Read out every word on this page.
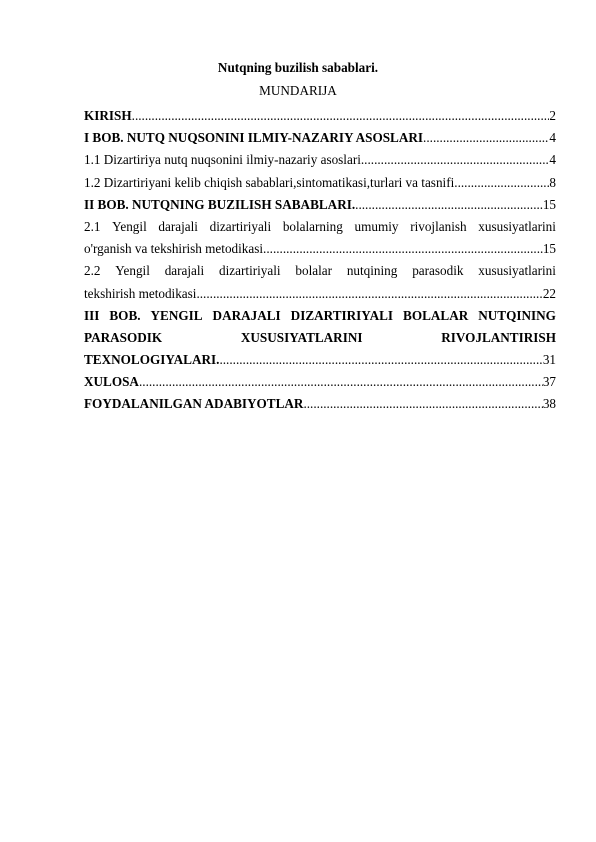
Nutqning buzilish sabablari.
MUNDARIJA
KIRISH .....	2
I BOB. NUTQ NUQSONINI ILMIY-NAZARIY ASOSLARI .....	4
1.1 Dizartiriya nutq nuqsonini ilmiy-nazariy asoslari .....	4
1.2 Dizartiriyani kelib chiqish sabablari,sintomatikasi,turlari va tasnifi .....	8
II BOB. NUTQNING BUZILISH SABABLARI. .....	15
2.1 Yengil darajali dizartiriyali bolalarning umumiy rivojlanish xususiyatlarini
o'rganish va tekshirish metodikasi .....	15
2.2 Yengil darajali dizartiriyali bolalar nutqining parasodik xususiyatlarini
tekshirish metodikasi .....	22
III BOB. YENGIL DARAJALI DIZARTIRIYALI BOLALAR NUTQINING
PARASODIK	XUSUSIYATLARINI	RIVOJLANTIRISH
TEXNOLOGIYALARI. .....	31
XULOSA .....	37
FOYDALANILGAN ADABIYOTLAR .....	38
